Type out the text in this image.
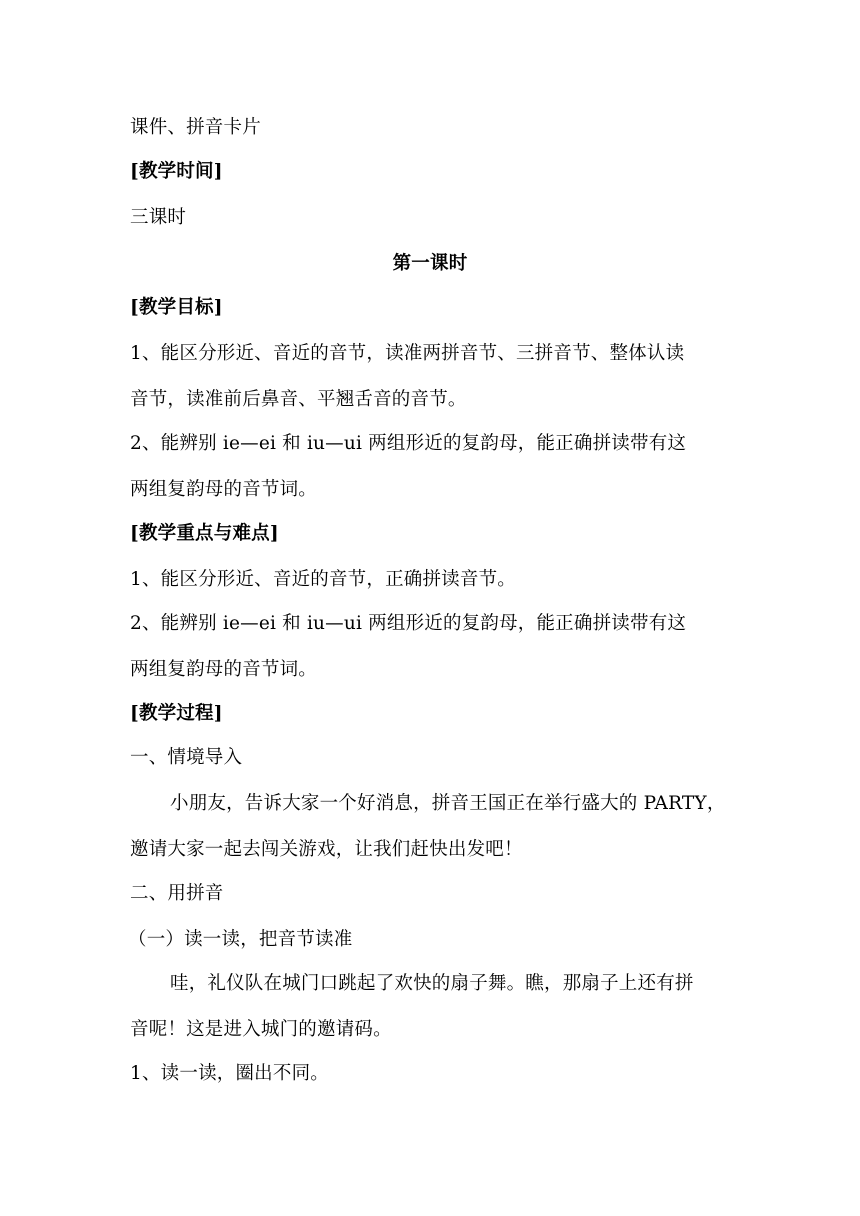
课件、拼音卡片
[教学时间]
三课时
第一课时
[教学目标]
1、能区分形近、音近的音节，读准两拼音节、三拼音节、整体认读
音节，读准前后鼻音、平翘舌音的音节。
2、能辨别 ie—ei 和 iu—ui 两组形近的复韵母，能正确拼读带有这
两组复韵母的音节词。
[教学重点与难点]
1、能区分形近、音近的音节，正确拼读音节。
2、能辨别 ie—ei 和 iu—ui 两组形近的复韵母，能正确拼读带有这
两组复韵母的音节词。
[教学过程]
一、情境导入
小朋友，告诉大家一个好消息，拼音王国正在举行盛大的 PARTY，
邀请大家一起去闯关游戏，让我们赶快出发吧！
二、用拼音
（一）读一读，把音节读准
哇，礼仪队在城门口跳起了欢快的扇子舞。瞧，那扇子上还有拼
音呢！这是进入城门的邀请码。
1、读一读，圈出不同。
